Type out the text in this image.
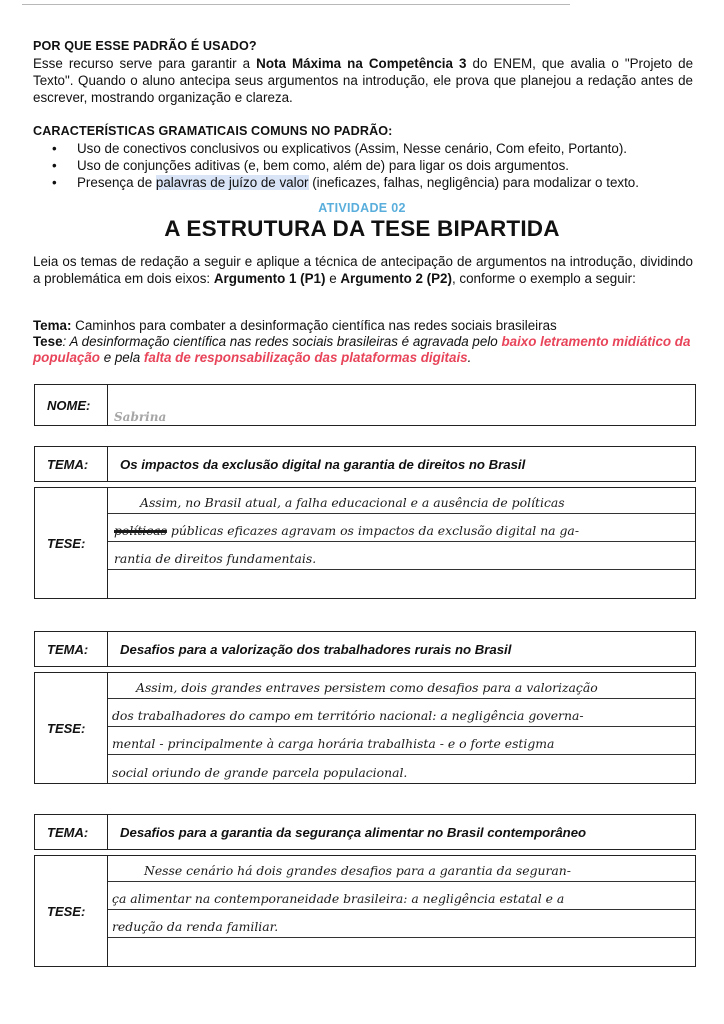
POR QUE ESSE PADRÃO É USADO?

Esse recurso serve para garantir a Nota Máxima na Competência 3 do ENEM, que avalia o "Projeto de Texto". Quando o aluno antecipa seus argumentos na introdução, ele prova que planejou a redação antes de escrever, mostrando organização e clareza.

CARACTERÍSTICAS GRAMATICAIS COMUNS NO PADRÃO:
• Uso de conectivos conclusivos ou explicativos (Assim, Nesse cenário, Com efeito, Portanto).
• Uso de conjunções aditivas (e, bem como, além de) para ligar os dois argumentos.
• Presença de palavras de juízo de valor (ineficazes, falhas, negligência) para modalizar o texto.
ATIVIDADE 02
A ESTRUTURA DA TESE BIPARTIDA

Leia os temas de redação a seguir e aplique a técnica de antecipação de argumentos na introdução, dividindo a problemática em dois eixos: Argumento 1 (P1) e Argumento 2 (P2), conforme o exemplo a seguir:

Tema: Caminhos para combater a desinformação científica nas redes sociais brasileiras
Tese: A desinformação científica nas redes sociais brasileiras é agravada pelo baixo letramento midiático da população e pela falta de responsabilização das plataformas digitais.
NOME:
Sabrina
TEMA:	Os impactos da exclusão digital na garantia de direitos no Brasil
TESE:
Assim, no Brasil atual, a falha educacional e a ausência de políticas
políticas públicas eficazes agravam os impactos da exclusão digital na ga-
rantia de direitos fundamentais.
TEMA:	Desafios para a valorização dos trabalhadores rurais no Brasil
TESE:
Assim, dois grandes entraves persistem como desafios para a valorização
dos trabalhadores do campo em território nacional: a negligência governa-
mental - principalmente à carga horária trabalhista - e o forte estigma
social oriundo de grande parcela populacional.
TEMA:	Desafios para a garantia da segurança alimentar no Brasil contemporâneo
TESE:
Nesse cenário há dois grandes desafios para a garantia da seguran-
ça alimentar na contemporaneidade brasileira: a negligência estatal e a
redução da renda familiar.
